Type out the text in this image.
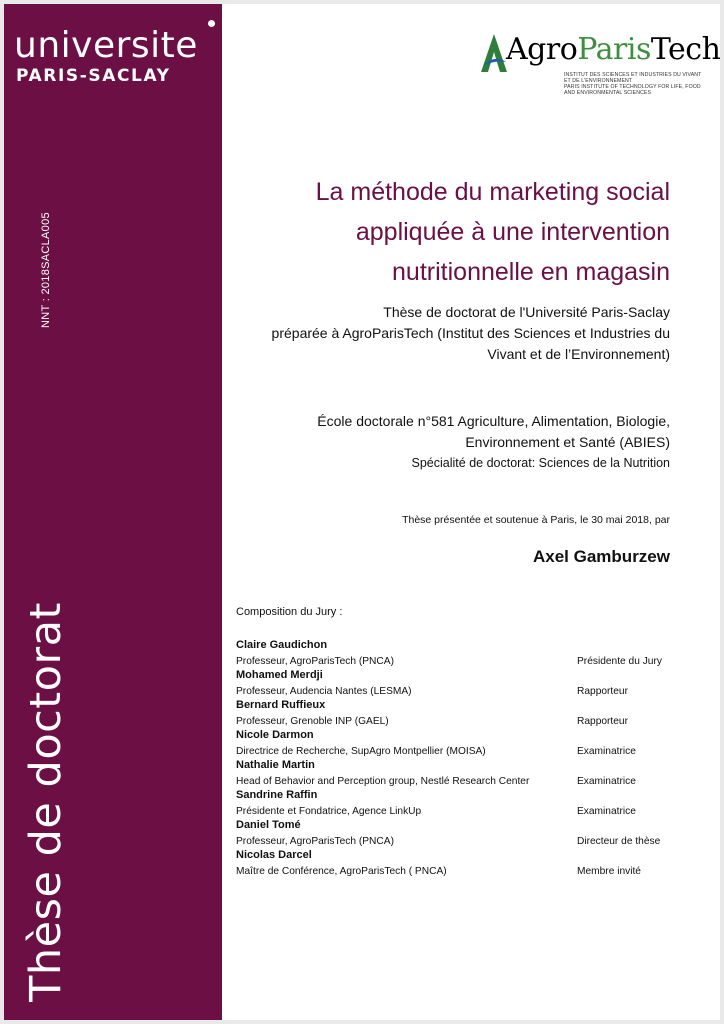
universite
PARIS-SACLAY
NNT : 2018SACLA005
Thèse de doctorat
AgroParisTech
INSTITUT DES SCIENCES ET INDUSTRIES DU VIVANT ET DE L'ENVIRONNEMENT
PARIS INSTITUTE OF TECHNOLOGY FOR LIFE, FOOD AND ENVIRONMENTAL SCIENCES
La méthode du marketing social
appliquée à une intervention
nutritionnelle en magasin
Thèse de doctorat de l'Université Paris-Saclay
préparée à AgroParisTech (Institut des Sciences et Industries du
Vivant et de l’Environnement)
École doctorale n°581 Agriculture, Alimentation, Biologie,
Environnement et Santé (ABIES)
Spécialité de doctorat: Sciences de la Nutrition
Thèse présentée et soutenue à Paris, le 30 mai 2018, par
Axel Gamburzew
Composition du Jury :
Claire Gaudichon
Professeur, AgroParisTech (PNCA)	Présidente du Jury
Mohamed Merdji
Professeur, Audencia Nantes (LESMA)	Rapporteur
Bernard Ruffieux
Professeur, Grenoble INP (GAEL)	Rapporteur
Nicole Darmon
Directrice de Recherche, SupAgro Montpellier (MOISA)	Examinatrice
Nathalie Martin
Head of Behavior and Perception group, Nestlé Research Center	Examinatrice
Sandrine Raffin
Présidente et Fondatrice, Agence LinkUp	Examinatrice
Daniel Tomé
Professeur, AgroParisTech (PNCA)	Directeur de thèse
Nicolas Darcel
Maître de Conférence, AgroParisTech ( PNCA)	Membre invité
